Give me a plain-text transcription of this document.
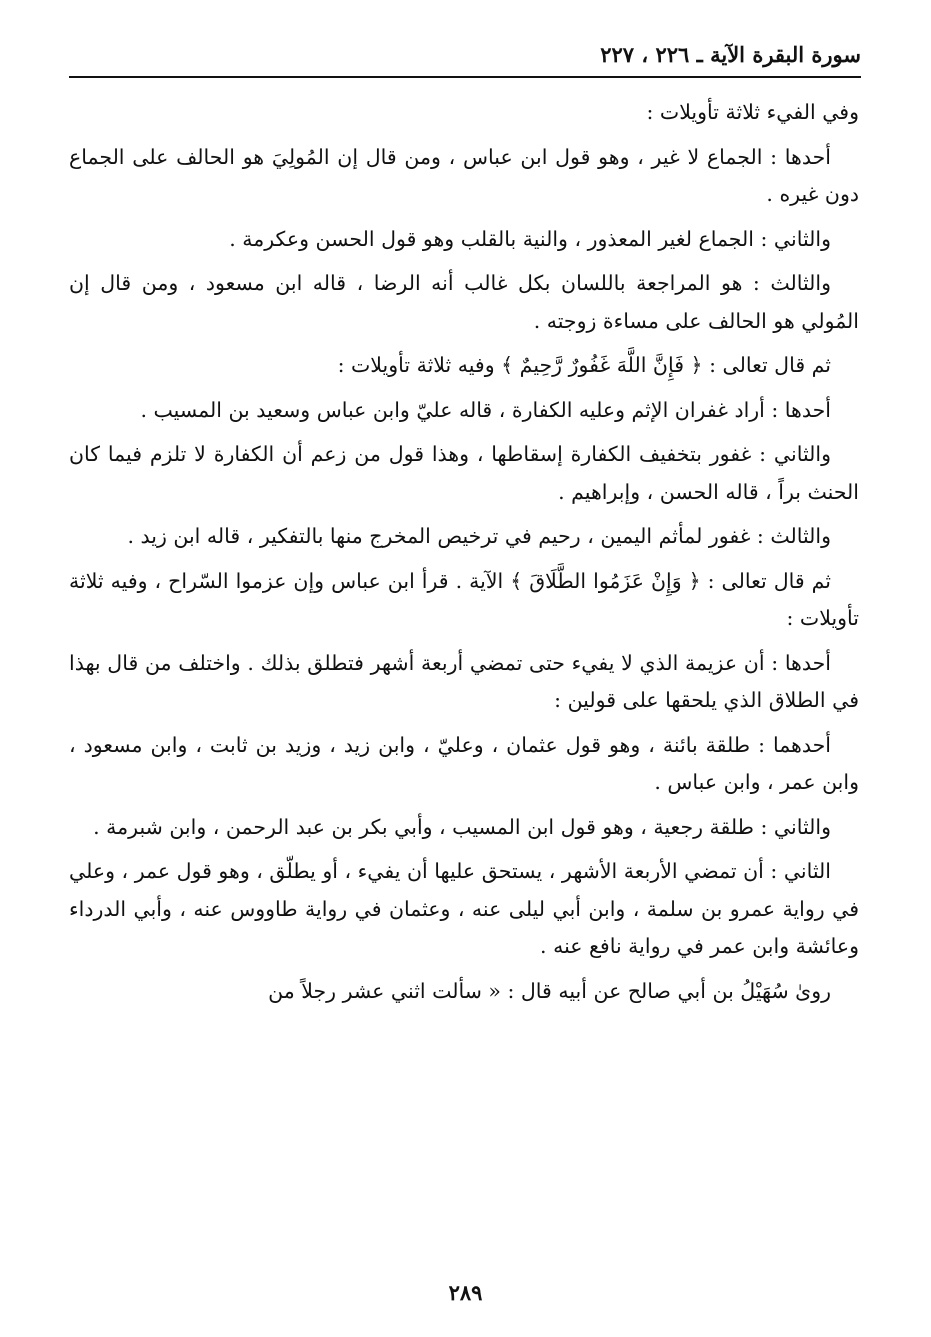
سورة البقرة الآية ـ ٢٢٦ ، ٢٢٧

وفي الفيء ثلاثة تأويلات :

أحدها : الجماع لا غير ، وهو قول ابن عباس ، ومن قال إن المُولِيَ هو الحالف على الجماع دون غيره .

والثاني : الجماع لغير المعذور ، والنية بالقلب وهو قول الحسن وعكرمة .

والثالث : هو المراجعة باللسان بكل غالب أنه الرضا ، قاله ابن مسعود ، ومن قال إن المُولي هو الحالف على مساءة زوجته .

ثم قال تعالى : ﴿ فَإِنَّ اللَّهَ غَفُورٌ رَّحِيمٌ ﴾ وفيه ثلاثة تأويلات :

أحدها : أراد غفران الإثم وعليه الكفارة ، قاله عليّ وابن عباس وسعيد بن المسيب .

والثاني : غفور بتخفيف الكفارة إسقاطها ، وهذا قول من زعم أن الكفارة لا تلزم فيما كان الحنث براً ، قاله الحسن ، وإبراهيم .

والثالث : غفور لمأثم اليمين ، رحيم في ترخيص المخرج منها بالتفكير ، قاله ابن زيد .

ثم قال تعالى : ﴿ وَإِنْ عَزَمُوا الطَّلَاقَ ﴾ الآية . قرأ ابن عباس وإن عزموا السّراح ، وفيه ثلاثة تأويلات :

أحدها : أن عزيمة الذي لا يفيء حتى تمضي أربعة أشهر فتطلق بذلك . واختلف من قال بهذا في الطلاق الذي يلحقها على قولين :

أحدهما : طلقة بائنة ، وهو قول عثمان ، وعليّ ، وابن زيد ، وزيد بن ثابت ، وابن مسعود ، وابن عمر ، وابن عباس .

والثاني : طلقة رجعية ، وهو قول ابن المسيب ، وأبي بكر بن عبد الرحمن ، وابن شبرمة .

الثاني : أن تمضي الأربعة الأشهر ، يستحق عليها أن يفيء ، أو يطلّق ، وهو قول عمر ، وعلي في رواية عمرو بن سلمة ، وابن أبي ليلى عنه ، وعثمان في رواية طاووس عنه ، وأبي الدرداء وعائشة وابن عمر في رواية نافع عنه .

روىٰ سُهَيْلُ بن أبي صالح عن أبيه قال : « سألت اثني عشر رجلاً من

٢٨٩
